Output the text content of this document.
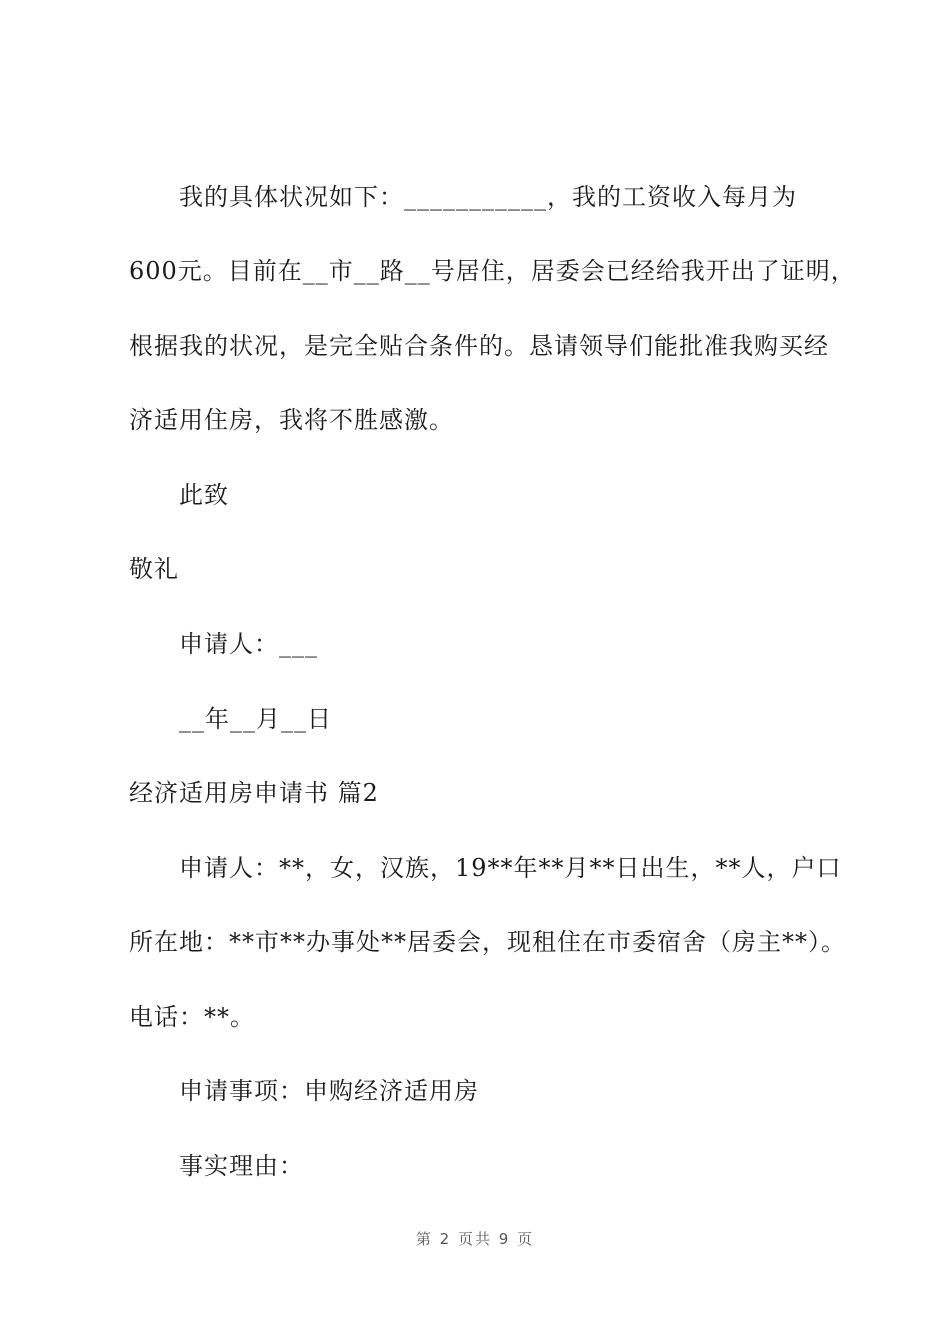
我的具体状况如下：___________，我的工资收入每月为
600元。目前在__市__路__号居住，居委会已经给我开出了证明，
根据我的状况，是完全贴合条件的。恳请领导们能批准我购买经
济适用住房，我将不胜感激。
此致
敬礼
申请人：___
__年__月__日
经济适用房申请书 篇2
申请人：**，女，汉族，19**年**月**日出生，**人，户口
所在地：**市**办事处**居委会，现租住在市委宿舍（房主**）。
电话：**。
申请事项：申购经济适用房
事实理由：
第 2 页共 9 页
